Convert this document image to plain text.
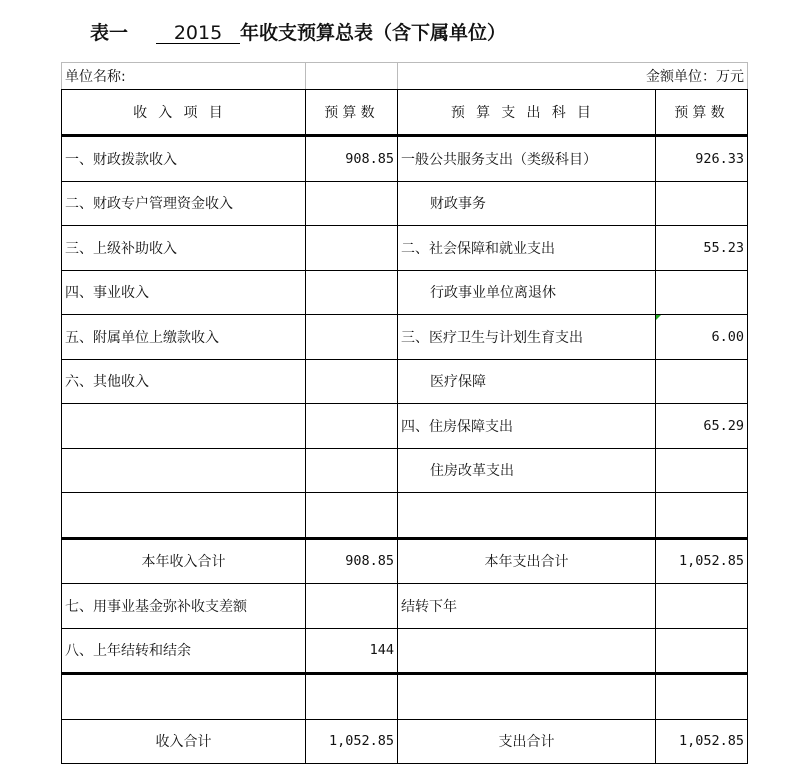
表一 2015 年收支预算总表（含下属单位）
单位名称:		金额单位：万元	
收入项目	预算数	预算支出科目	预算数
一、财政拨款收入	908.85	一般公共服务支出（类级科目）	926.33
二、财政专户管理资金收入		财政事务	
三、上级补助收入		二、社会保障和就业支出	55.23
四、事业收入		行政事业单位离退休	
五、附属单位上缴款收入		三、医疗卫生与计划生育支出	6.00
六、其他收入		医疗保障	
		四、住房保障支出	65.29
		住房改革支出	

本年收入合计	908.85	本年支出合计	1,052.85
七、用事业基金弥补收支差额		结转下年	
八、上年结转和结余	144		

收入合计	1,052.85	支出合计	1,052.85
